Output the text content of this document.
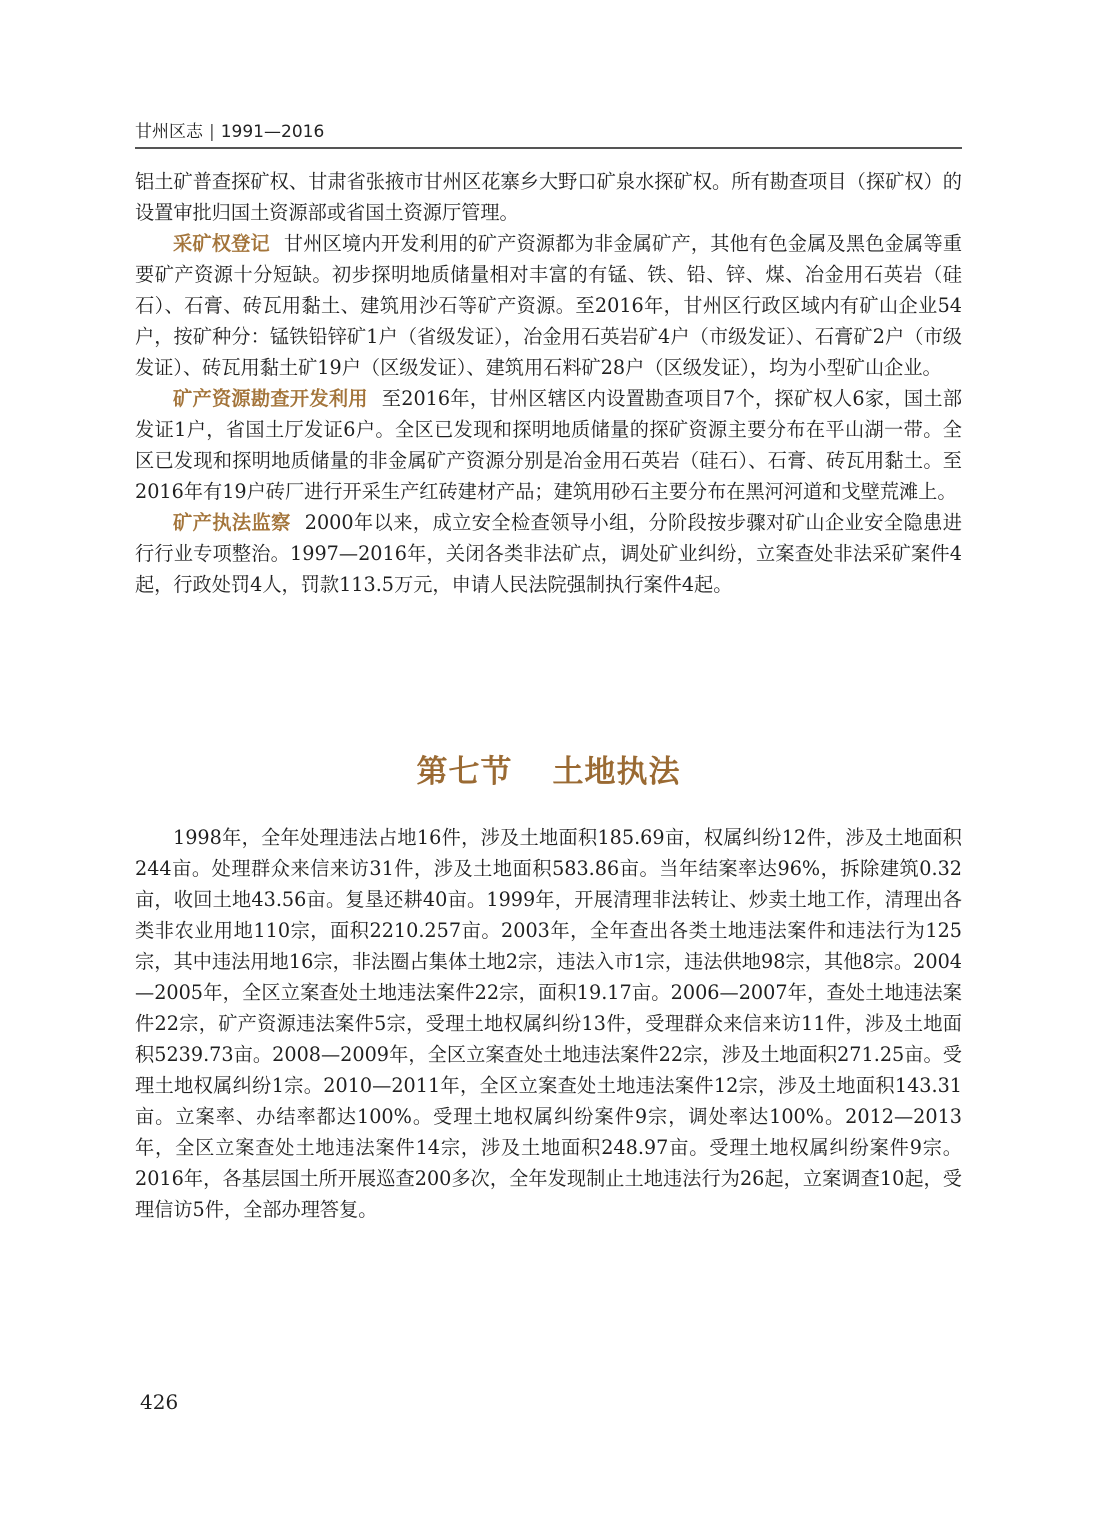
甘州区志 | 1991—2016

铝土矿普查探矿权、甘肃省张掖市甘州区花寨乡大野口矿泉水探矿权。所有勘查项目（探矿权）的设置审批归国土资源部或省国土资源厅管理。

采矿权登记 甘州区境内开发利用的矿产资源都为非金属矿产，其他有色金属及黑色金属等重要矿产资源十分短缺。初步探明地质储量相对丰富的有锰、铁、铅、锌、煤、冶金用石英岩（硅石）、石膏、砖瓦用黏土、建筑用沙石等矿产资源。至2016年，甘州区行政区域内有矿山企业54户，按矿种分：锰铁铅锌矿1户（省级发证），冶金用石英岩矿4户（市级发证）、石膏矿2户（市级发证）、砖瓦用黏土矿19户（区级发证）、建筑用石料矿28户（区级发证），均为小型矿山企业。

矿产资源勘查开发利用 至2016年，甘州区辖区内设置勘查项目7个，探矿权人6家，国土部发证1户，省国土厅发证6户。全区已发现和探明地质储量的探矿资源主要分布在平山湖一带。全区已发现和探明地质储量的非金属矿产资源分别是冶金用石英岩（硅石）、石膏、砖瓦用黏土。至2016年有19户砖厂进行开采生产红砖建材产品；建筑用砂石主要分布在黑河河道和戈壁荒滩上。

矿产执法监察 2000年以来，成立安全检查领导小组，分阶段按步骤对矿山企业安全隐患进行行业专项整治。1997—2016年，关闭各类非法矿点，调处矿业纠纷，立案查处非法采矿案件4起，行政处罚4人，罚款113.5万元，申请人民法院强制执行案件4起。

第七节 土地执法

1998年，全年处理违法占地16件，涉及土地面积185.69亩，权属纠纷12件，涉及土地面积244亩。处理群众来信来访31件，涉及土地面积583.86亩。当年结案率达96%，拆除建筑0.32亩，收回土地43.56亩。复垦还耕40亩。1999年，开展清理非法转让、炒卖土地工作，清理出各类非农业用地110宗，面积2210.257亩。2003年，全年查出各类土地违法案件和违法行为125宗，其中违法用地16宗，非法圈占集体土地2宗，违法入市1宗，违法供地98宗，其他8宗。2004—2005年，全区立案查处土地违法案件22宗，面积19.17亩。2006—2007年，查处土地违法案件22宗，矿产资源违法案件5宗，受理土地权属纠纷13件，受理群众来信来访11件，涉及土地面积5239.73亩。2008—2009年，全区立案查处土地违法案件22宗，涉及土地面积271.25亩。受理土地权属纠纷1宗。2010—2011年，全区立案查处土地违法案件12宗，涉及土地面积143.31亩。立案率、办结率都达100%。受理土地权属纠纷案件9宗，调处率达100%。2012—2013年，全区立案查处土地违法案件14宗，涉及土地面积248.97亩。受理土地权属纠纷案件9宗。2016年，各基层国土所开展巡查200多次，全年发现制止土地违法行为26起，立案调查10起，受理信访5件，全部办理答复。

426
